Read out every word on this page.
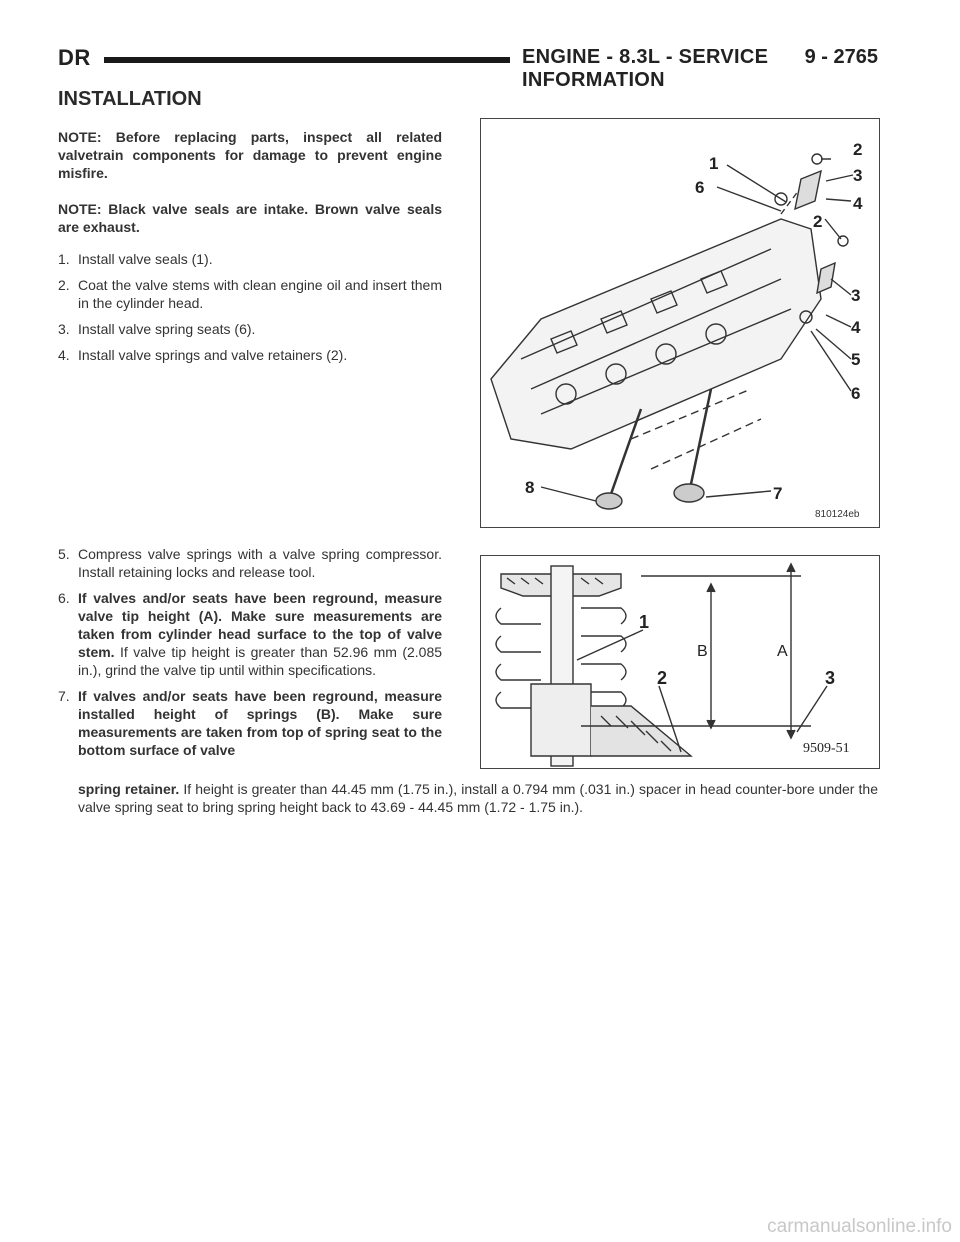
DR	ENGINE - 8.3L - SERVICE INFORMATION
9 - 2765
INSTALLATION

NOTE: Before replacing parts, inspect all related valvetrain components for damage to prevent engine misfire.

NOTE: Black valve seals are intake. Brown valve seals are exhaust.

1. Install valve seals (1).
2. Coat the valve stems with clean engine oil and insert them in the cylinder head.
3. Install valve spring seats (6).
4. Install valve springs and valve retainers (2).
5. Compress valve springs with a valve spring compressor. Install retaining locks and release tool.
6. If valves and/or seats have been reground, measure valve tip height (A). Make sure measurements are taken from cylinder head surface to the top of valve stem. If valve tip height is greater than 52.96 mm (2.085 in.), grind the valve tip until within specifications.
7. If valves and/or seats have been reground, measure installed height of springs (B). Make sure measurements are taken from top of spring seat to the bottom surface of valve
spring retainer. If height is greater than 44.45 mm (1.75 in.), install a 0.794 mm (.031 in.) spacer in head counter-bore under the valve spring seat to bring spring height back to 43.69 - 44.45 mm (1.72 - 1.75 in.).
1
2
3
4
2
3
4
5
6
6
8	7
810124eb
B	A
1
2	3
9509-51
carmanualsonline.info
